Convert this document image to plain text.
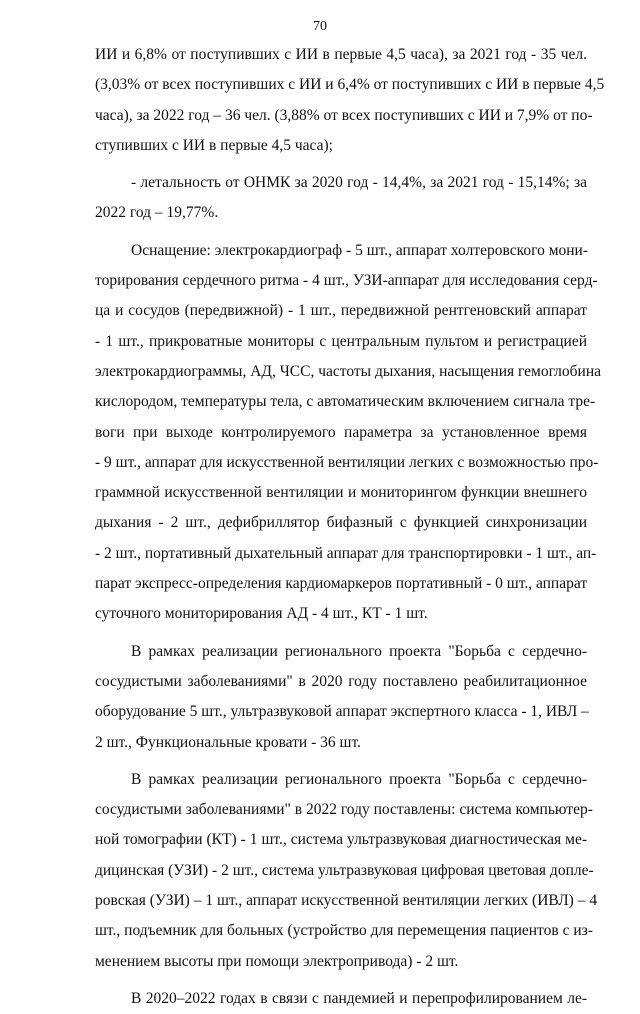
70
ИИ и 6,8% от поступивших с ИИ в первые 4,5 часа), за 2021 год - 35 чел.
(3,03% от всех поступивших с ИИ и 6,4% от поступивших с ИИ в первые 4,5
часа), за 2022 год – 36 чел. (3,88% от всех поступивших с ИИ и 7,9% от по-
ступивших с ИИ в первые 4,5 часа);
- летальность от ОНМК за 2020 год - 14,4%, за 2021 год - 15,14%; за
2022 год – 19,77%.
Оснащение: электрокардиограф - 5 шт., аппарат холтеровского мони-
торирования сердечного ритма - 4 шт., УЗИ-аппарат для исследования серд-
ца и сосудов (передвижной) - 1 шт., передвижной рентгеновский аппарат
- 1 шт., прикроватные мониторы с центральным пультом и регистрацией
электрокардиограммы, АД, ЧСС, частоты дыхания, насыщения гемоглобина
кислородом, температуры тела, с автоматическим включением сигнала тре-
воги при выходе контролируемого параметра за установленное время
- 9 шт., аппарат для искусственной вентиляции легких с возможностью про-
граммной искусственной вентиляции и мониторингом функции внешнего
дыхания - 2 шт., дефибриллятор бифазный с функцией синхронизации
- 2 шт., портативный дыхательный аппарат для транспортировки - 1 шт., ап-
парат экспресс-определения кардиомаркеров портативный - 0 шт., аппарат
суточного мониторирования АД - 4 шт., КТ - 1 шт.
В рамках реализации регионального проекта "Борьба с сердечно-
сосудистыми заболеваниями" в 2020 году поставлено реабилитационное
оборудование 5 шт., ультразвуковой аппарат экспертного класса - 1, ИВЛ –
2 шт., Функциональные кровати - 36 шт.
В рамках реализации регионального проекта "Борьба с сердечно-
сосудистыми заболеваниями" в 2022 году поставлены: система компьютер-
ной томографии (КТ) - 1 шт., система ультразвуковая диагностическая ме-
дицинская (УЗИ) - 2 шт., система ультразвуковая цифровая цветовая допле-
ровская (УЗИ) – 1 шт., аппарат искусственной вентиляции легких (ИВЛ) – 4
шт., подъемник для больных (устройство для перемещения пациентов с из-
менением высоты при помощи электропривода) - 2 шт.
В 2020–2022 годах в связи с пандемией и перепрофилированием ле-
